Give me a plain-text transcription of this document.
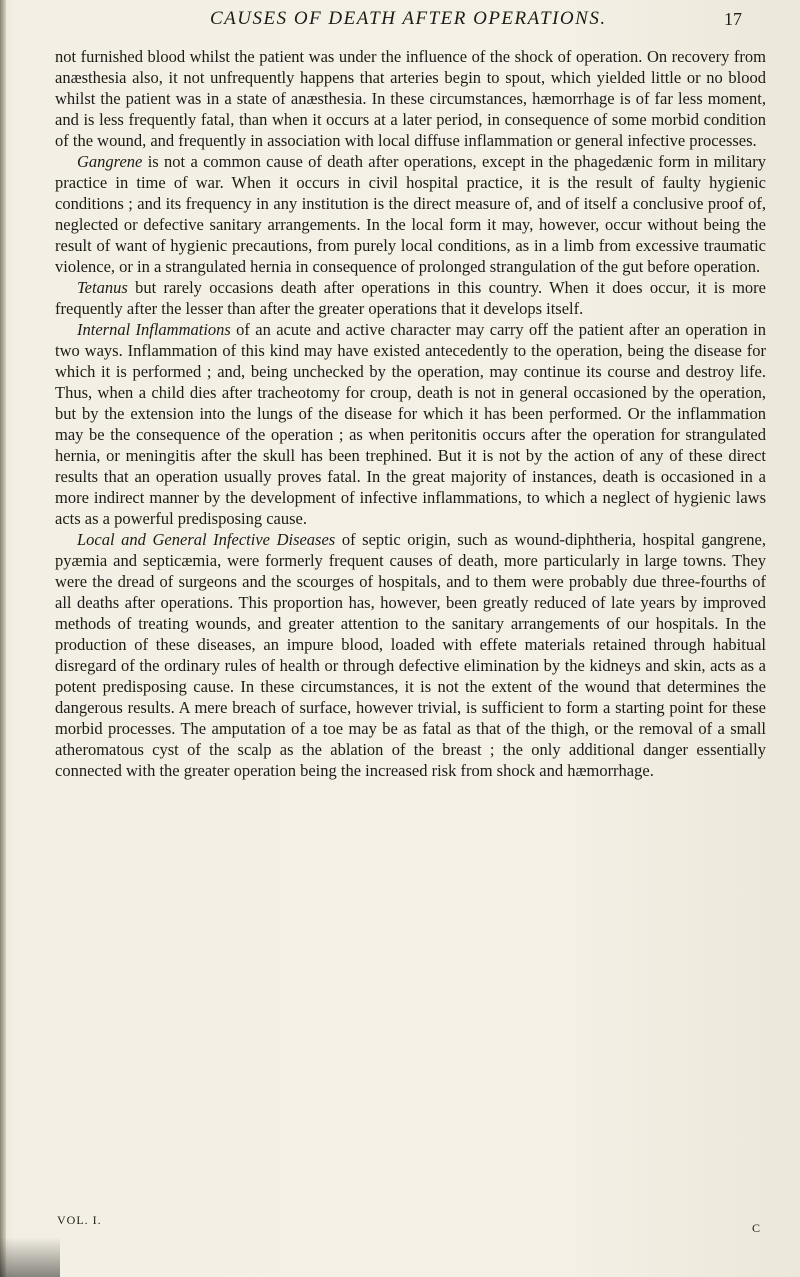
CAUSES OF DEATH AFTER OPERATIONS.	17

not furnished blood whilst the patient was under the influence of the shock of operation. On recovery from anæsthesia also, it not unfrequently happens that arteries begin to spout, which yielded little or no blood whilst the patient was in a state of anæsthesia. In these circumstances, hæmorrhage is of far less moment, and is less frequently fatal, than when it occurs at a later period, in consequence of some morbid condition of the wound, and frequently in association with local diffuse inflammation or general infective processes.

Gangrene is not a common cause of death after operations, except in the phagedænic form in military practice in time of war. When it occurs in civil hospital practice, it is the result of faulty hygienic conditions ; and its frequency in any institution is the direct measure of, and of itself a conclusive proof of, neglected or defective sanitary arrangements. In the local form it may, however, occur without being the result of want of hygienic precautions, from purely local conditions, as in a limb from excessive traumatic violence, or in a strangulated hernia in consequence of prolonged strangulation of the gut before operation.

Tetanus but rarely occasions death after operations in this country. When it does occur, it is more frequently after the lesser than after the greater operations that it develops itself.

Internal Inflammations of an acute and active character may carry off the patient after an operation in two ways. Inflammation of this kind may have existed antecedently to the operation, being the disease for which it is performed ; and, being unchecked by the operation, may continue its course and destroy life. Thus, when a child dies after tracheotomy for croup, death is not in general occasioned by the operation, but by the extension into the lungs of the disease for which it has been performed. Or the inflammation may be the consequence of the operation ; as when peritonitis occurs after the operation for strangulated hernia, or meningitis after the skull has been trephined. But it is not by the action of any of these direct results that an operation usually proves fatal. In the great majority of instances, death is occasioned in a more indirect manner by the development of infective inflammations, to which a neglect of hygienic laws acts as a powerful predisposing cause.

Local and General Infective Diseases of septic origin, such as wound-diphtheria, hospital gangrene, pyæmia and septicæmia, were formerly frequent causes of death, more particularly in large towns. They were the dread of surgeons and the scourges of hospitals, and to them were probably due three-fourths of all deaths after operations. This proportion has, however, been greatly reduced of late years by improved methods of treating wounds, and greater attention to the sanitary arrangements of our hospitals. In the production of these diseases, an impure blood, loaded with effete materials retained through habitual disregard of the ordinary rules of health or through defective elimination by the kidneys and skin, acts as a potent predisposing cause. In these circumstances, it is not the extent of the wound that determines the dangerous results. A mere breach of surface, however trivial, is sufficient to form a starting point for these morbid processes. The amputation of a toe may be as fatal as that of the thigh, or the removal of a small atheromatous cyst of the scalp as the ablation of the breast ; the only additional danger essentially connected with the greater operation being the increased risk from shock and hæmorrhage.

VOL. I.
C
